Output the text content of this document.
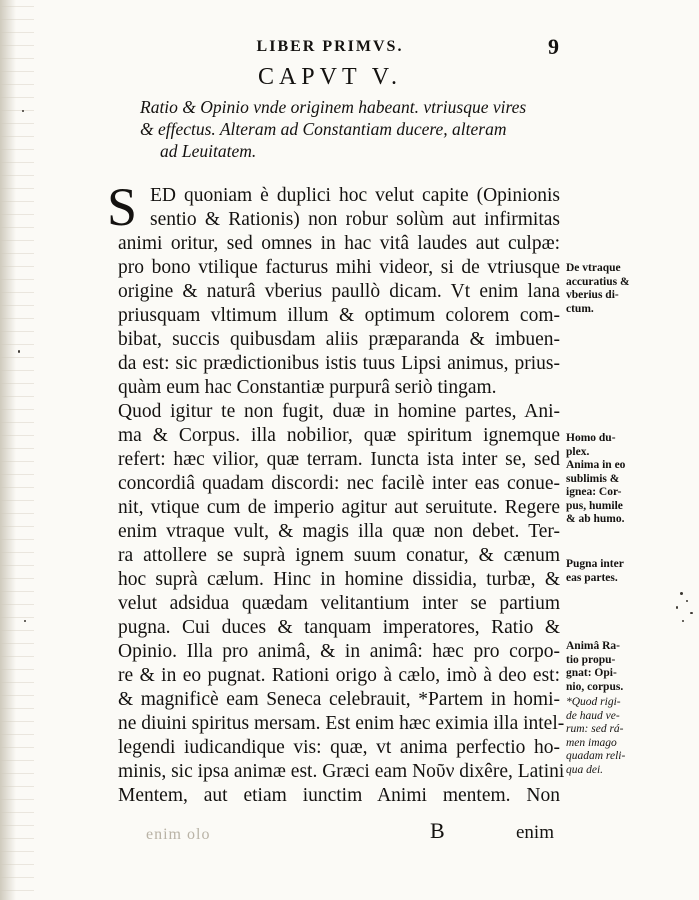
LIBER PRIMVS.	9
CAPVT V.
Ratio & Opinio vnde originem habeant. vtriusque vires
& effectus. Alteram ad Constantiam ducere, alteram
ad Leuitatem.
S ED quoniam è duplici hoc velut capite (Opinionis
sentio & Rationis) non robur solùm aut infirmitas
animi oritur, sed omnes in hac vitâ laudes aut culpæ:
pro bono vtilique facturus mihi videor, si de vtriusque
origine & naturâ vberius paullò dicam. Vt enim lana
priusquam vltimum illum & optimum colorem com-
bibat, succis quibusdam aliis præparanda & imbuen-
da est: sic prædictionibus istis tuus Lipsi animus, prius-
quàm eum hac Constantiæ purpurâ seriò tingam.
Quod igitur te non fugit, duæ in homine partes, Ani-
ma & Corpus. illa nobilior, quæ spiritum ignemque
refert: hæc vilior, quæ terram. Iuncta ista inter se, sed
concordiâ quadam discordi: nec facilè inter eas conue-
nit, vtique cum de imperio agitur aut seruitute. Regere
enim vtraque vult, & magis illa quæ non debet. Ter-
ra attollere se suprà ignem suum conatur, & cænum
hoc suprà cælum. Hinc in homine dissidia, turbæ, &
velut adsidua quædam velitantium inter se partium
pugna. Cui duces & tanquam imperatores, Ratio &
Opinio. Illa pro animâ, & in animâ: hæc pro corpo-
re & in eo pugnat. Rationi origo à cælo, imò à deo est:
& magnificè eam Seneca celebrauit, *Partem in homi-
ne diuini spiritus mersam. Est enim hæc eximia illa intel-
legendi iudicandique vis: quæ, vt anima perfectio ho-
minis, sic ipsa animæ est. Græci eam Νοῦν dixêre, Latini
Mentem, aut etiam iunctim Animi mentem. Non
De vtraque
accuratius &
vberius di-
ctum.
Homo du-
plex.
Anima in eo
sublimis &
ignea: Cor-
pus, humile
& ab humo.
Pugna inter
eas partes.
Animâ Ra-
tio propu-
gnat: Opi-
nio, corpus.
*Quod rigi-
de haud ve-
rum: sed rá-
men imago
quadam reli-
qua dei.
enim olo	B	enim
